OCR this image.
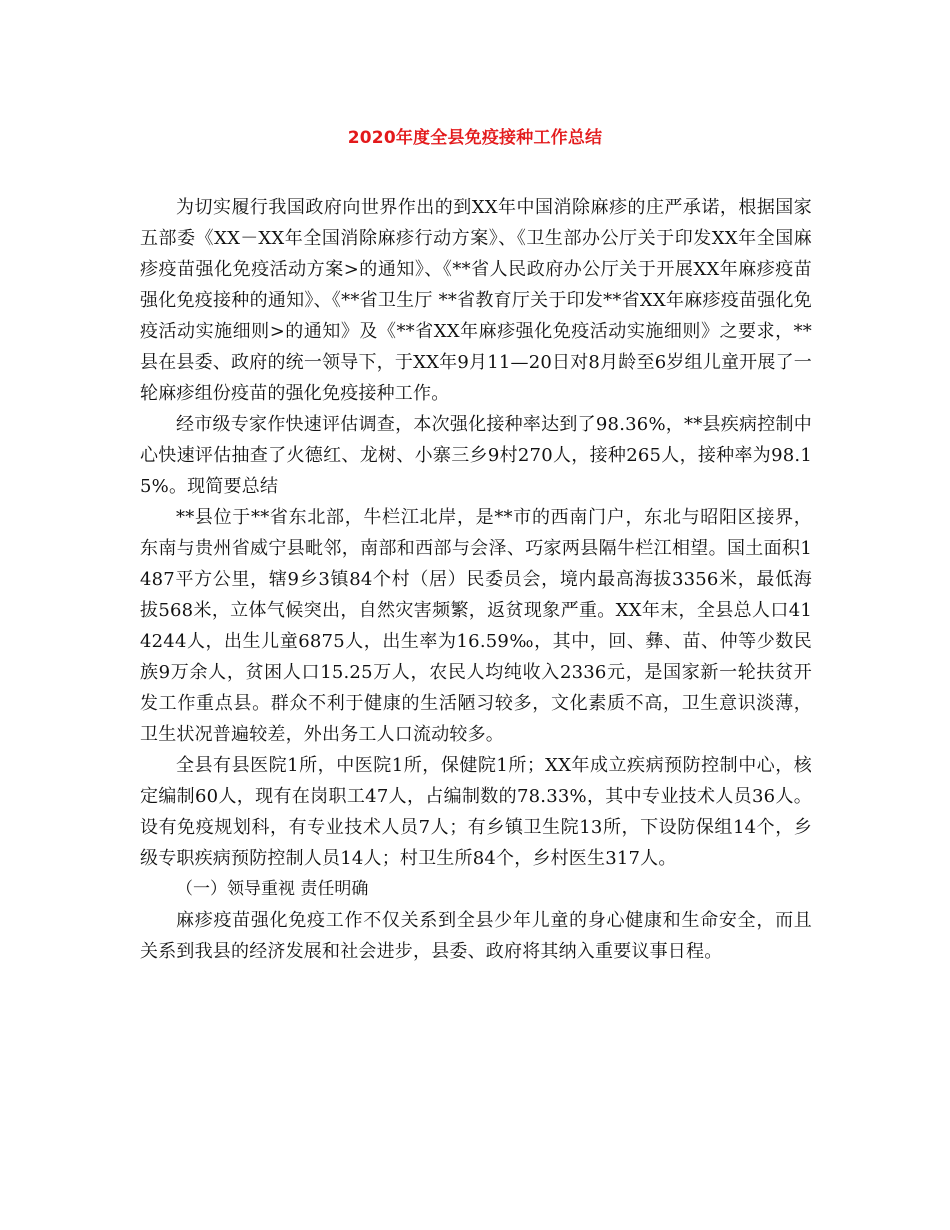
2020年度全县免疫接种工作总结

为切实履行我国政府向世界作出的到XX年中国消除麻疹的庄严承诺，根据国家五部委《XX－XX年全国消除麻疹行动方案》、《卫生部办公厅关于印发XX年全国麻疹疫苗强化免疫活动方案>的通知》、《**省人民政府办公厅关于开展XX年麻疹疫苗强化免疫接种的通知》、《**省卫生厅 **省教育厅关于印发**省XX年麻疹疫苗强化免疫活动实施细则>的通知》及《**省XX年麻疹强化免疫活动实施细则》之要求，**县在县委、政府的统一领导下，于XX年9月11—20日对8月龄至6岁组儿童开展了一轮麻疹组份疫苗的强化免疫接种工作。

经市级专家作快速评估调查，本次强化接种率达到了98.36%，**县疾病控制中心快速评估抽查了火德红、龙树、小寨三乡9村270人，接种265人，接种率为98.15%。现简要总结

**县位于**省东北部，牛栏江北岸，是**市的西南门户，东北与昭阳区接界，东南与贵州省威宁县毗邻，南部和西部与会泽、巧家两县隔牛栏江相望。国土面积1487平方公里，辖9乡3镇84个村（居）民委员会，境内最高海拔3356米，最低海拔568米，立体气候突出，自然灾害频繁，返贫现象严重。XX年末，全县总人口414244人，出生儿童6875人，出生率为16.59‰，其中，回、彝、苗、仲等少数民族9万余人，贫困人口15.25万人，农民人均纯收入2336元，是国家新一轮扶贫开发工作重点县。群众不利于健康的生活陋习较多，文化素质不高，卫生意识淡薄，卫生状况普遍较差，外出务工人口流动较多。

全县有县医院1所，中医院1所，保健院1所；XX年成立疾病预防控制中心，核定编制60人，现有在岗职工47人，占编制数的78.33%，其中专业技术人员36人。设有免疫规划科，有专业技术人员7人；有乡镇卫生院13所，下设防保组14个，乡级专职疾病预防控制人员14人；村卫生所84个，乡村医生317人。

（一）领导重视 责任明确

麻疹疫苗强化免疫工作不仅关系到全县少年儿童的身心健康和生命安全，而且关系到我县的经济发展和社会进步，县委、政府将其纳入重要议事日程。
